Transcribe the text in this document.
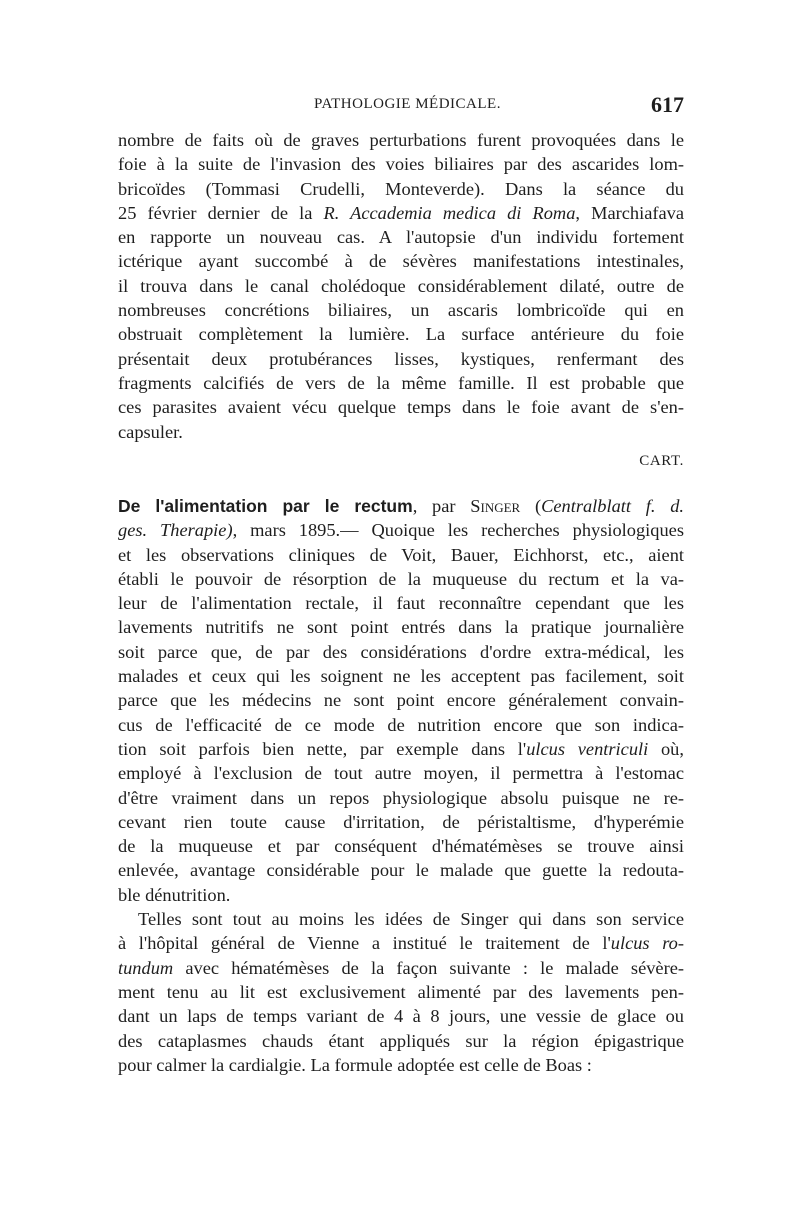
PATHOLOGIE MÉDICALE.	617
nombre de faits où de graves perturbations furent provoquées dans le
foie à la suite de l'invasion des voies biliaires par des ascarides lom-
bricoïdes (Tommasi Crudelli, Monteverde). Dans la séance du
25 février dernier de la R. Accademia medica di Roma, Marchiafava
en rapporte un nouveau cas. A l'autopsie d'un individu fortement
ictérique ayant succombé à de sévères manifestations intestinales,
il trouva dans le canal cholédoque considérablement dilaté, outre de
nombreuses concrétions biliaires, un ascaris lombricoïde qui en
obstruait complètement la lumière. La surface antérieure du foie
présentait deux protubérances lisses, kystiques, renfermant des
fragments calcifiés de vers de la même famille. Il est probable que
ces parasites avaient vécu quelque temps dans le foie avant de s'en-
capsuler.
CART.
De l'alimentation par le rectum, par Singer (Centralblatt f. d.
ges. Therapie), mars 1895.— Quoique les recherches physiologiques
et les observations cliniques de Voit, Bauer, Eichhorst, etc., aient
établi le pouvoir de résorption de la muqueuse du rectum et la va-
leur de l'alimentation rectale, il faut reconnaître cependant que les
lavements nutritifs ne sont point entrés dans la pratique journalière
soit parce que, de par des considérations d'ordre extra-médical, les
malades et ceux qui les soignent ne les acceptent pas facilement, soit
parce que les médecins ne sont point encore généralement convain-
cus de l'efficacité de ce mode de nutrition encore que son indica-
tion soit parfois bien nette, par exemple dans l'ulcus ventriculi où,
employé à l'exclusion de tout autre moyen, il permettra à l'estomac
d'être vraiment dans un repos physiologique absolu puisque ne re-
cevant rien toute cause d'irritation, de péristaltisme, d'hyperémie
de la muqueuse et par conséquent d'hématémèses se trouve ainsi
enlevée, avantage considérable pour le malade que guette la redouta-
ble dénutrition.
Telles sont tout au moins les idées de Singer qui dans son service
à l'hôpital général de Vienne a institué le traitement de l'ulcus ro-
tundum avec hématémèses de la façon suivante : le malade sévère-
ment tenu au lit est exclusivement alimenté par des lavements pen-
dant un laps de temps variant de 4 à 8 jours, une vessie de glace ou
des cataplasmes chauds étant appliqués sur la région épigastrique
pour calmer la cardialgie. La formule adoptée est celle de Boas :
